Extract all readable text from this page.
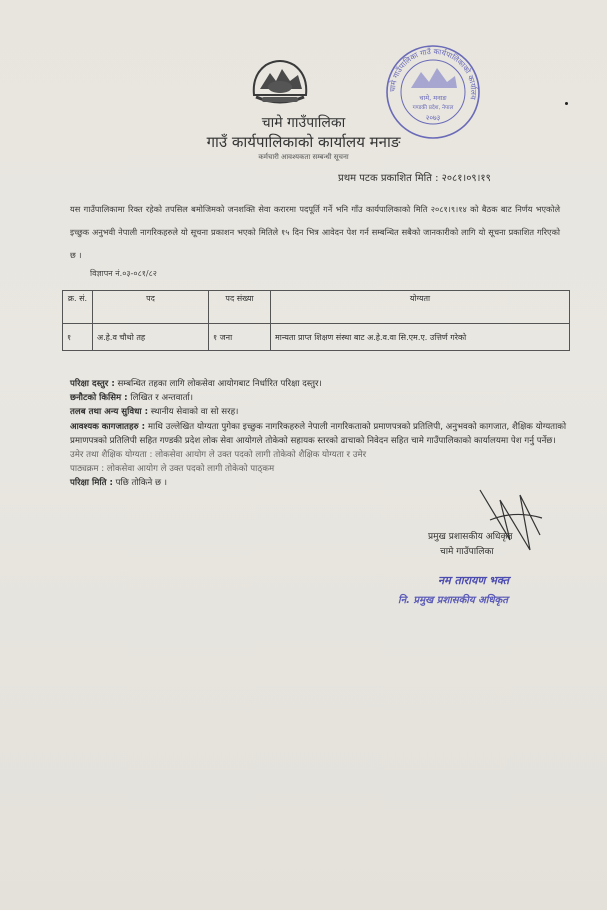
चामे गाउँपालिका गाउँ कार्यपालिकाको कार्यालय
चामे, मनाङ
गण्डकी प्रदेश, नेपाल
२०७३
चामे गाउँपालिका
गाउँ कार्यपालिकाको कार्यालय मनाङ
कर्मचारी आवश्यकता सम्बन्धी सूचना
प्रथम पटक प्रकाशित मिति : २०८१।०९।१९
यस गाउँपालिकामा रिक्त रहेको तपसिल बमोजिमको जनशक्ति सेवा करारमा पदपूर्ति गर्ने भनि गाँउ कार्यपालिकाको मिति २०८१।९।१४ को बैठक बाट निर्णय भएकोले इच्छुक अनुभवी नेपाली नागरिकहरुले यो सूचना प्रकाशन भएको मितिले १५ दिन भित्र आवेदन पेश गर्न सम्बन्धित सबैको जानकारीको लागि यो सूचना प्रकाशित गरिएको छ ।
विज्ञापन नं.०३-०८१/८२
क्र. सं.	पद	पद संख्या	योग्यता
१	अ.हे.व चौथो तह	१ जना	मान्यता प्राप्त शिक्षण संस्था बाट अ.हे.व.वा सि.एम.ए. उत्तिर्ण गरेको
परिक्षा दस्तुर : सम्बन्धित तहका लागि लोकसेवा आयोगबाट निर्धारित परिक्षा दस्तुर।
छनौटको किसिम : लिखित र अन्तवार्ता।
तलब तथा अन्य सुविधा : स्थानीय सेवाको वा सो सरह।
आवश्यक कागजातहरु : माथि उल्लेखित योग्यता पुगेका इच्छुक नागरिकहरुले नेपाली नागरिकताको प्रमाणपत्रको प्रतिलिपी, अनुभवको कागजात, शैक्षिक योग्यताको प्रमाणपत्रको प्रतिलिपी सहित गण्डकी प्रदेश लोक सेवा आयोगले तोकेको सहायक स्तरको ढाचाको निवेदन सहित चामे गाउँपालिकाको कार्यालयमा पेश गर्नु पर्नेछ।
उमेर तथा शैक्षिक योग्यता : लोकसेवा आयोग ले उक्त पदको लागी तोकेको शैक्षिक योग्यता र उमेर
पाठ्यक्रम : लोकसेवा आयोग ले उक्त पदको लागी तोकेको पाठ्कम
परिक्षा मिति : पछि तोकिने छ ।
प्रमुख प्रशासकीय अधिकृत
चामे गाउँपालिका
नम तारायण भक्त
नि. प्रमुख प्रशासकीय अधिकृत
